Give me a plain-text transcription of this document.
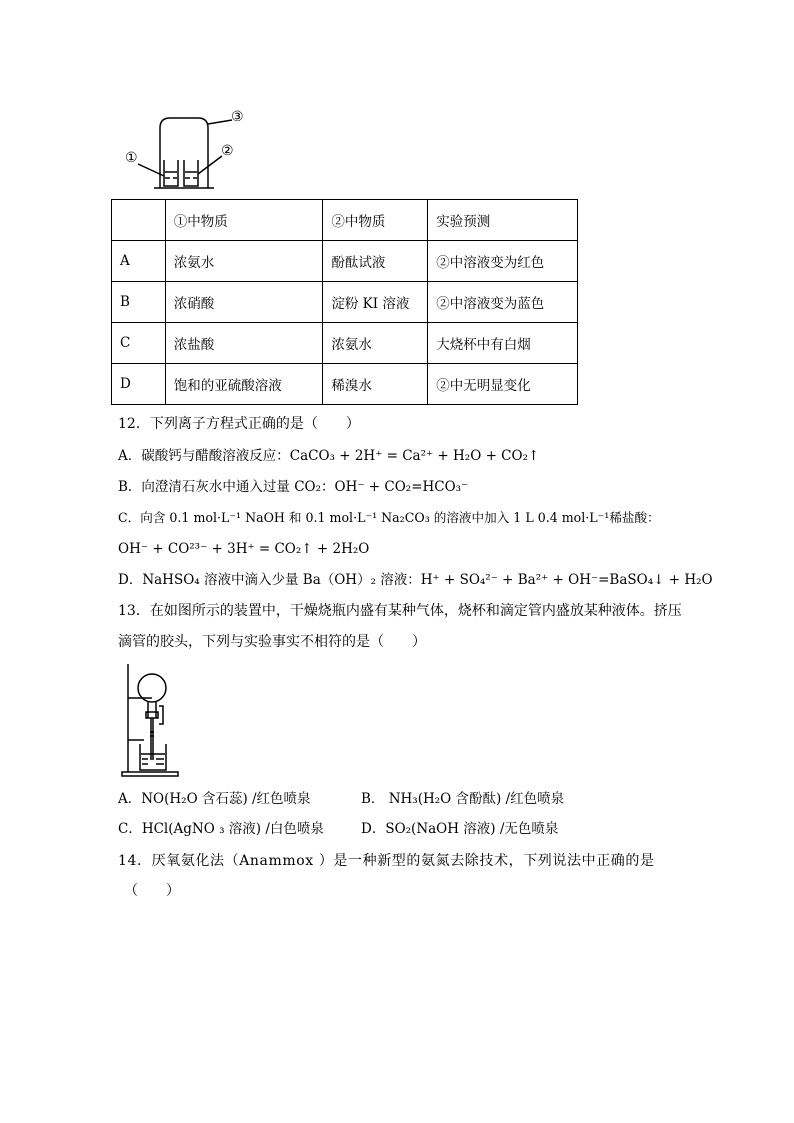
①	②
③
	①中物质	②中物质	实验预测
A	浓氨水	酚酞试液	②中溶液变为红色
B	浓硝酸	淀粉 KI 溶液	②中溶液变为蓝色
C	浓盐酸	浓氨水	大烧杯中有白烟
D	饱和的亚硫酸溶液	稀溴水	②中无明显变化
12．下列离子方程式正确的是（　　）
A．碳酸钙与醋酸溶液反应：CaCO₃ + 2H⁺ = Ca²⁺ + H₂O + CO₂↑
B．向澄清石灰水中通入过量 CO₂：OH⁻ + CO₂=HCO₃⁻
C．向含 0.1 mol·L⁻¹ NaOH 和 0.1 mol·L⁻¹ Na₂CO₃ 的溶液中加入 1 L 0.4 mol·L⁻¹稀盐酸：
OH⁻ + CO²³⁻ + 3H⁺ = CO₂↑ + 2H₂O
D．NaHSO₄ 溶液中滴入少量 Ba（OH）₂ 溶液：H⁺ + SO₄²⁻ + Ba²⁺ + OH⁻=BaSO₄↓ + H₂O
13．在如图所示的装置中，干燥烧瓶内盛有某种气体，烧杯和滴定管内盛放某种液体。挤压
滴管的胶头，下列与实验事实不相符的是（　　）
A．NO(H₂O 含石蕊) /红色喷泉	B． NH₃(H₂O 含酚酞) /红色喷泉
C．HCl(AgNO ₃ 溶液) /白色喷泉	D．SO₂(NaOH 溶液) /无色喷泉
14．厌氧氨化法（Anammox ）是一种新型的氨氮去除技术，下列说法中正确的是
（　　）
